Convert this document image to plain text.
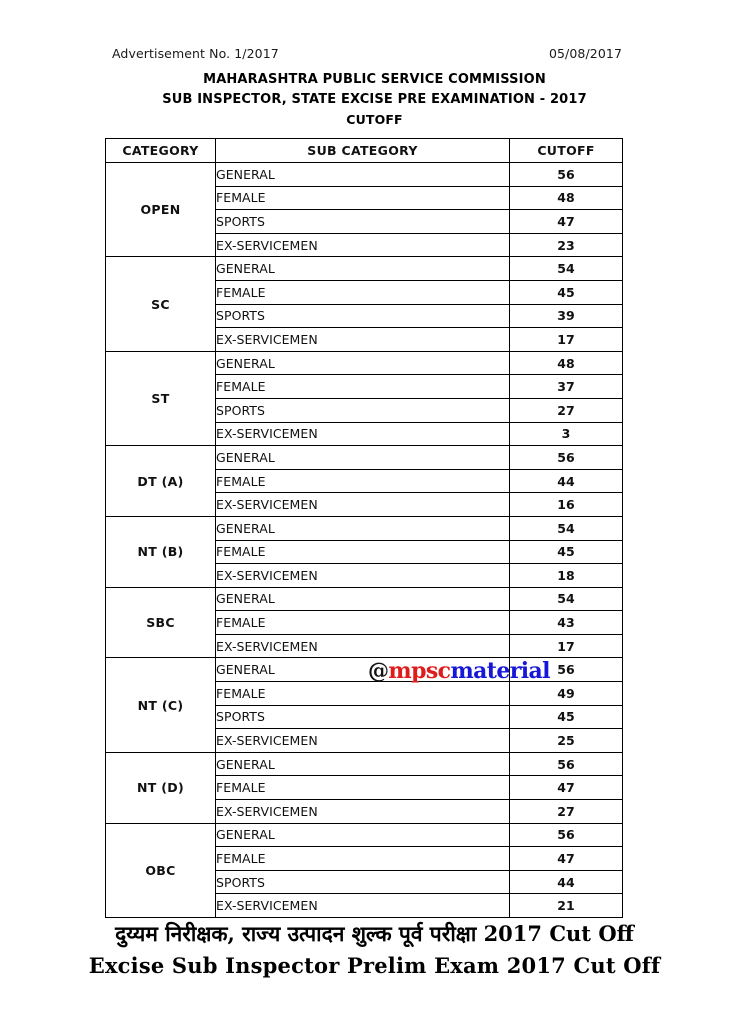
Advertisement No. 1/2017	05/08/2017
MAHARASHTRA PUBLIC SERVICE COMMISSION
SUB INSPECTOR, STATE EXCISE PRE EXAMINATION - 2017
CUTOFF
CATEGORY	SUB CATEGORY	CUTOFF
OPEN	GENERAL	56
	FEMALE	48
	SPORTS	47
	EX-SERVICEMEN	23
SC	GENERAL	54
	FEMALE	45
	SPORTS	39
	EX-SERVICEMEN	17
ST	GENERAL	48
	FEMALE	37
	SPORTS	27
	EX-SERVICEMEN	3
DT (A)	GENERAL	56
	FEMALE	44
	EX-SERVICEMEN	16
NT (B)	GENERAL	54
	FEMALE	45
	EX-SERVICEMEN	18
SBC	GENERAL	54
	FEMALE	43
	EX-SERVICEMEN	17
NT (C)	GENERAL	56
	FEMALE	49
	SPORTS	45
	EX-SERVICEMEN	25
NT (D)	GENERAL	56
	FEMALE	47
	EX-SERVICEMEN	27
OBC	GENERAL	56
	FEMALE	47
	SPORTS	44
	EX-SERVICEMEN	21
@mpscmaterial
दुय्यम निरीक्षक, राज्य उत्पादन शुल्क पूर्व परीक्षा 2017 Cut Off
Excise Sub Inspector Prelim Exam 2017 Cut Off
